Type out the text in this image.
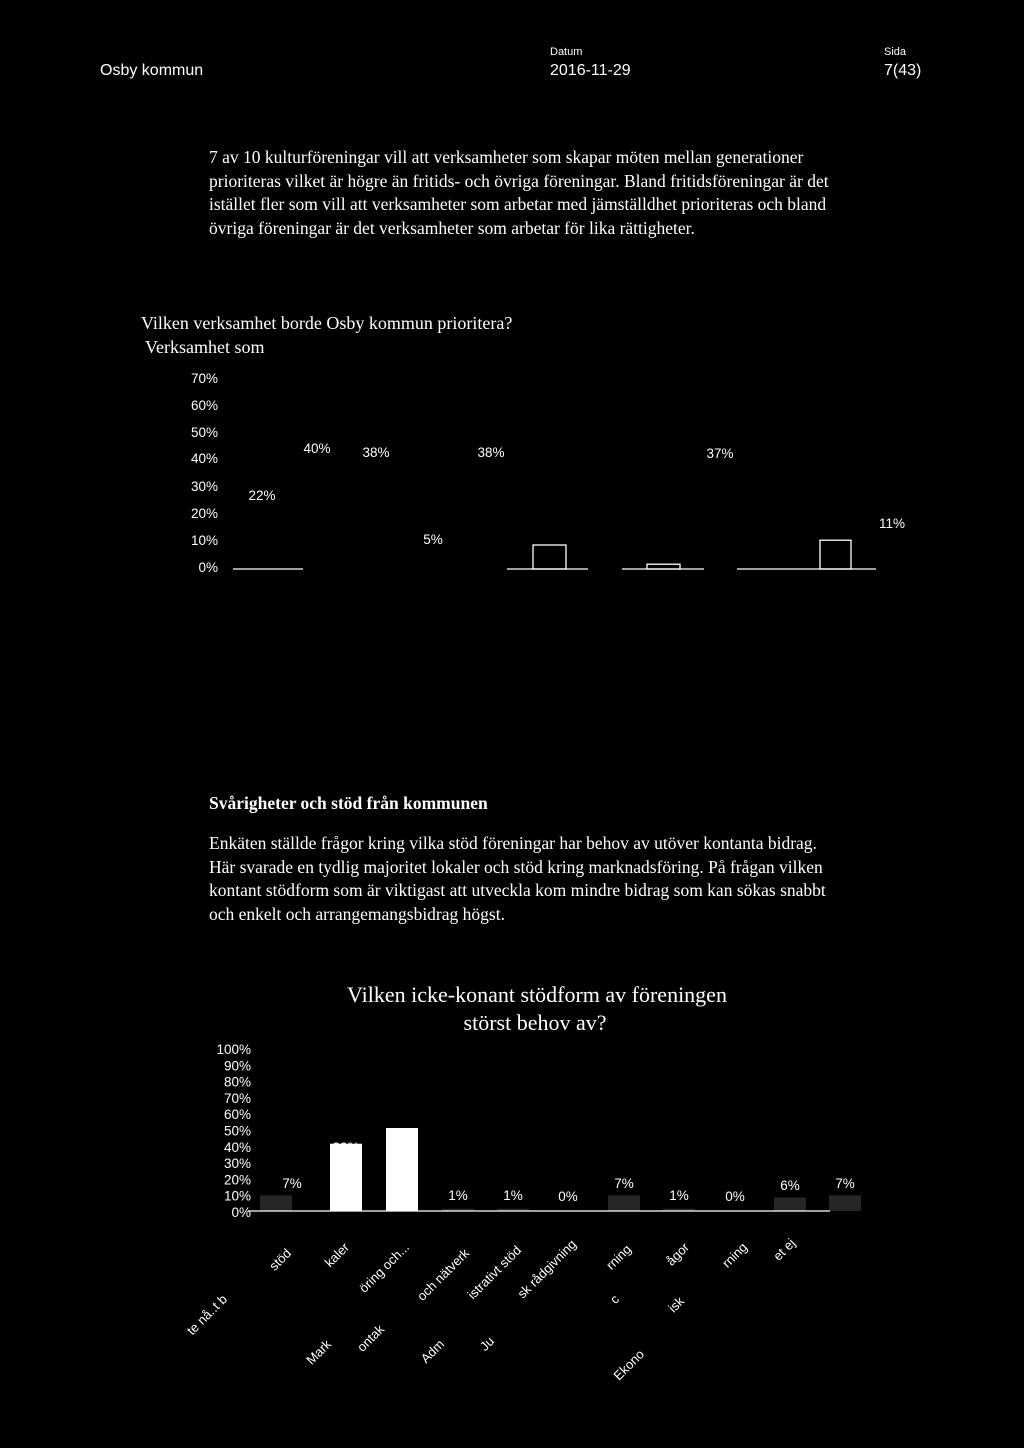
Osby kommun
Datum
2016-11-29
Sida
7(43)

7 av 10 kulturföreningar vill att verksamheter som skapar möten mellan generationer prioriteras vilket är högre än fritids- och övriga föreningar. Bland fritidsföreningar är det istället fler som vill att verksamheter som arbetar med jämställdhet prioriteras och bland övriga föreningar är det verksamheter som arbetar för lika rättigheter.

Vilken verksamhet borde Osby kommun prioritera?
Verksamhet som
70%
60%
50%
40%
30%
20%
10%
0%
22%
40% 38%
5%
38%	37%
11%
Svårigheter och stöd från kommunen

Enkäten ställde frågor kring vilka stöd föreningar har behov av utöver kontanta bidrag. Här svarade en tydlig majoritet lokaler och stöd kring marknadsföring. På frågan vilken kontant stödform som är viktigast att utveckla kom mindre bidrag som kan sökas snabbt och enkelt och arrangemangsbidrag högst.

Vilken icke-konant stödform av föreningen
störst behov av?
100%
90%
80%
70%
60%
50%
40%
30%
20%
10%
0%
7%
30%
37%
1%	1%	0%
7%
1%	0%
6%	7%
stöd kaler öring och... och nätverk
istrativt stöd
sk rådgivning rning ågor rning et ej
te nå..t b
Mark ontak Adm Ju
c
Ekono
isk
